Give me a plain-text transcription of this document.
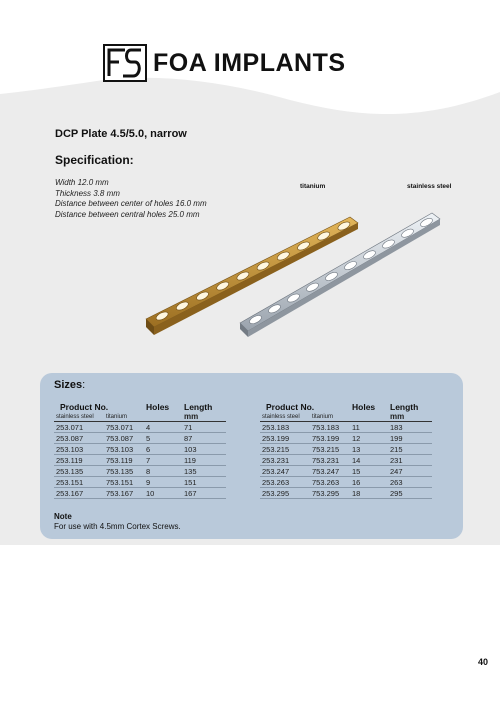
FOA IMPLANTS
DCP Plate 4.5/5.0, narrow
Specification:
Width 12.0 mm
Thickness 3.8 mm
Distance between center of holes 16.0 mm
Distance between central holes 25.0 mm
titanium	stainless steel
Sizes:
Product No.		Holes	Length
stainless steel	titanium		mm
253.071	753.071	4	71
253.087	753.087	5	87
253.103	753.103	6	103
253.119	753.119	7	119
253.135	753.135	8	135
253.151	753.151	9	151
253.167	753.167	10	167
Product No.		Holes	Length
stainless steel	titanium		mm
253.183	753.183	11	183
253.199	753.199	12	199
253.215	753.215	13	215
253.231	753.231	14	231
253.247	753.247	15	247
253.263	753.263	16	263
253.295	753.295	18	295
Note
For use with 4.5mm Cortex Screws.
40
